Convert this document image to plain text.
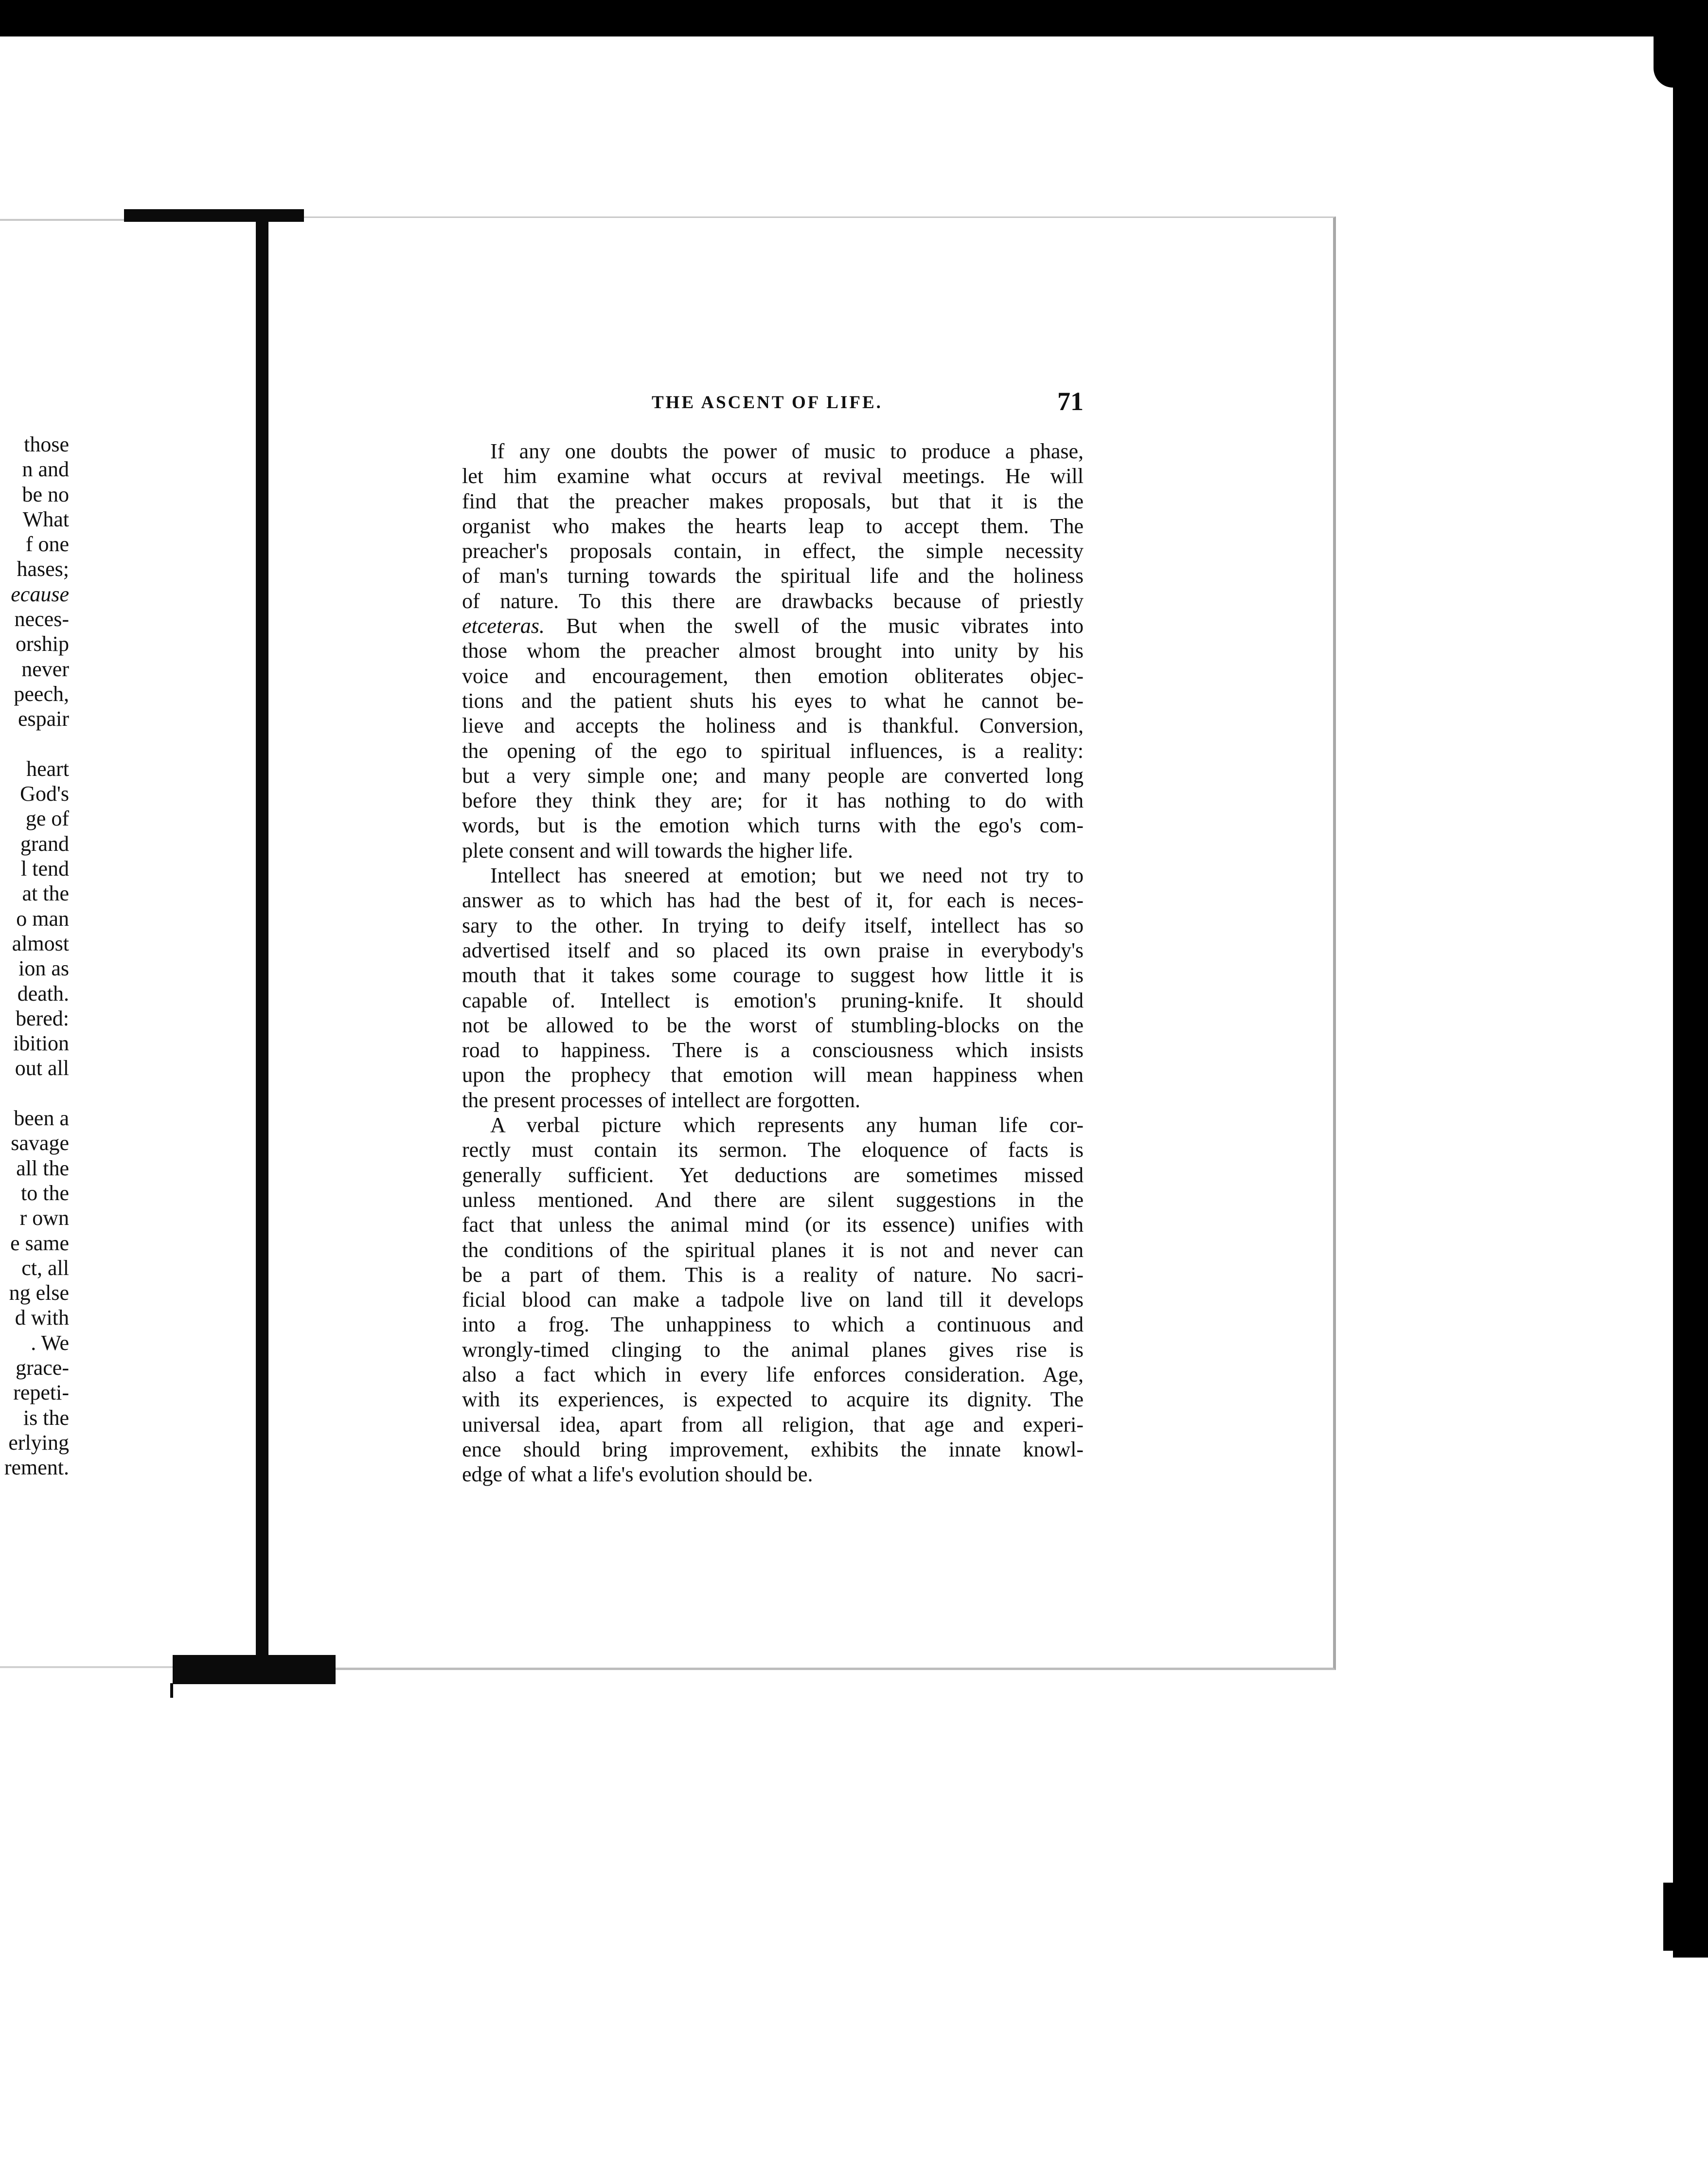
those
n and
be no
What
f one
hases;
ecause
neces-
orship
never
peech,
espair

heart
God's
ge of
grand
l tend
at the
o man
almost
ion as
death.
bered:
ibition
out all

been a
savage
all the
to the
r own
e same
ct, all
ng else
d with
. We
grace-
repeti-
is the
erlying
rement.
THE ASCENT OF LIFE.	71

If any one doubts the power of music to produce a phase,
let him examine what occurs at revival meetings. He will
find that the preacher makes proposals, but that it is the
organist who makes the hearts leap to accept them. The
preacher's proposals contain, in effect, the simple necessity
of man's turning towards the spiritual life and the holiness
of nature. To this there are drawbacks because of priestly
etceteras. But when the swell of the music vibrates into
those whom the preacher almost brought into unity by his
voice and encouragement, then emotion obliterates objec-
tions and the patient shuts his eyes to what he cannot be-
lieve and accepts the holiness and is thankful. Conversion,
the opening of the ego to spiritual influences, is a reality:
but a very simple one; and many people are converted long
before they think they are; for it has nothing to do with
words, but is the emotion which turns with the ego's com-
plete consent and will towards the higher life.

Intellect has sneered at emotion; but we need not try to
answer as to which has had the best of it, for each is neces-
sary to the other. In trying to deify itself, intellect has so
advertised itself and so placed its own praise in everybody's
mouth that it takes some courage to suggest how little it is
capable of. Intellect is emotion's pruning-knife. It should
not be allowed to be the worst of stumbling-blocks on the
road to happiness. There is a consciousness which insists
upon the prophecy that emotion will mean happiness when
the present processes of intellect are forgotten.

A verbal picture which represents any human life cor-
rectly must contain its sermon. The eloquence of facts is
generally sufficient. Yet deductions are sometimes missed
unless mentioned. And there are silent suggestions in the
fact that unless the animal mind (or its essence) unifies with
the conditions of the spiritual planes it is not and never can
be a part of them. This is a reality of nature. No sacri-
ficial blood can make a tadpole live on land till it develops
into a frog. The unhappiness to which a continuous and
wrongly-timed clinging to the animal planes gives rise is
also a fact which in every life enforces consideration. Age,
with its experiences, is expected to acquire its dignity. The
universal idea, apart from all religion, that age and experi-
ence should bring improvement, exhibits the innate knowl-
edge of what a life's evolution should be.
